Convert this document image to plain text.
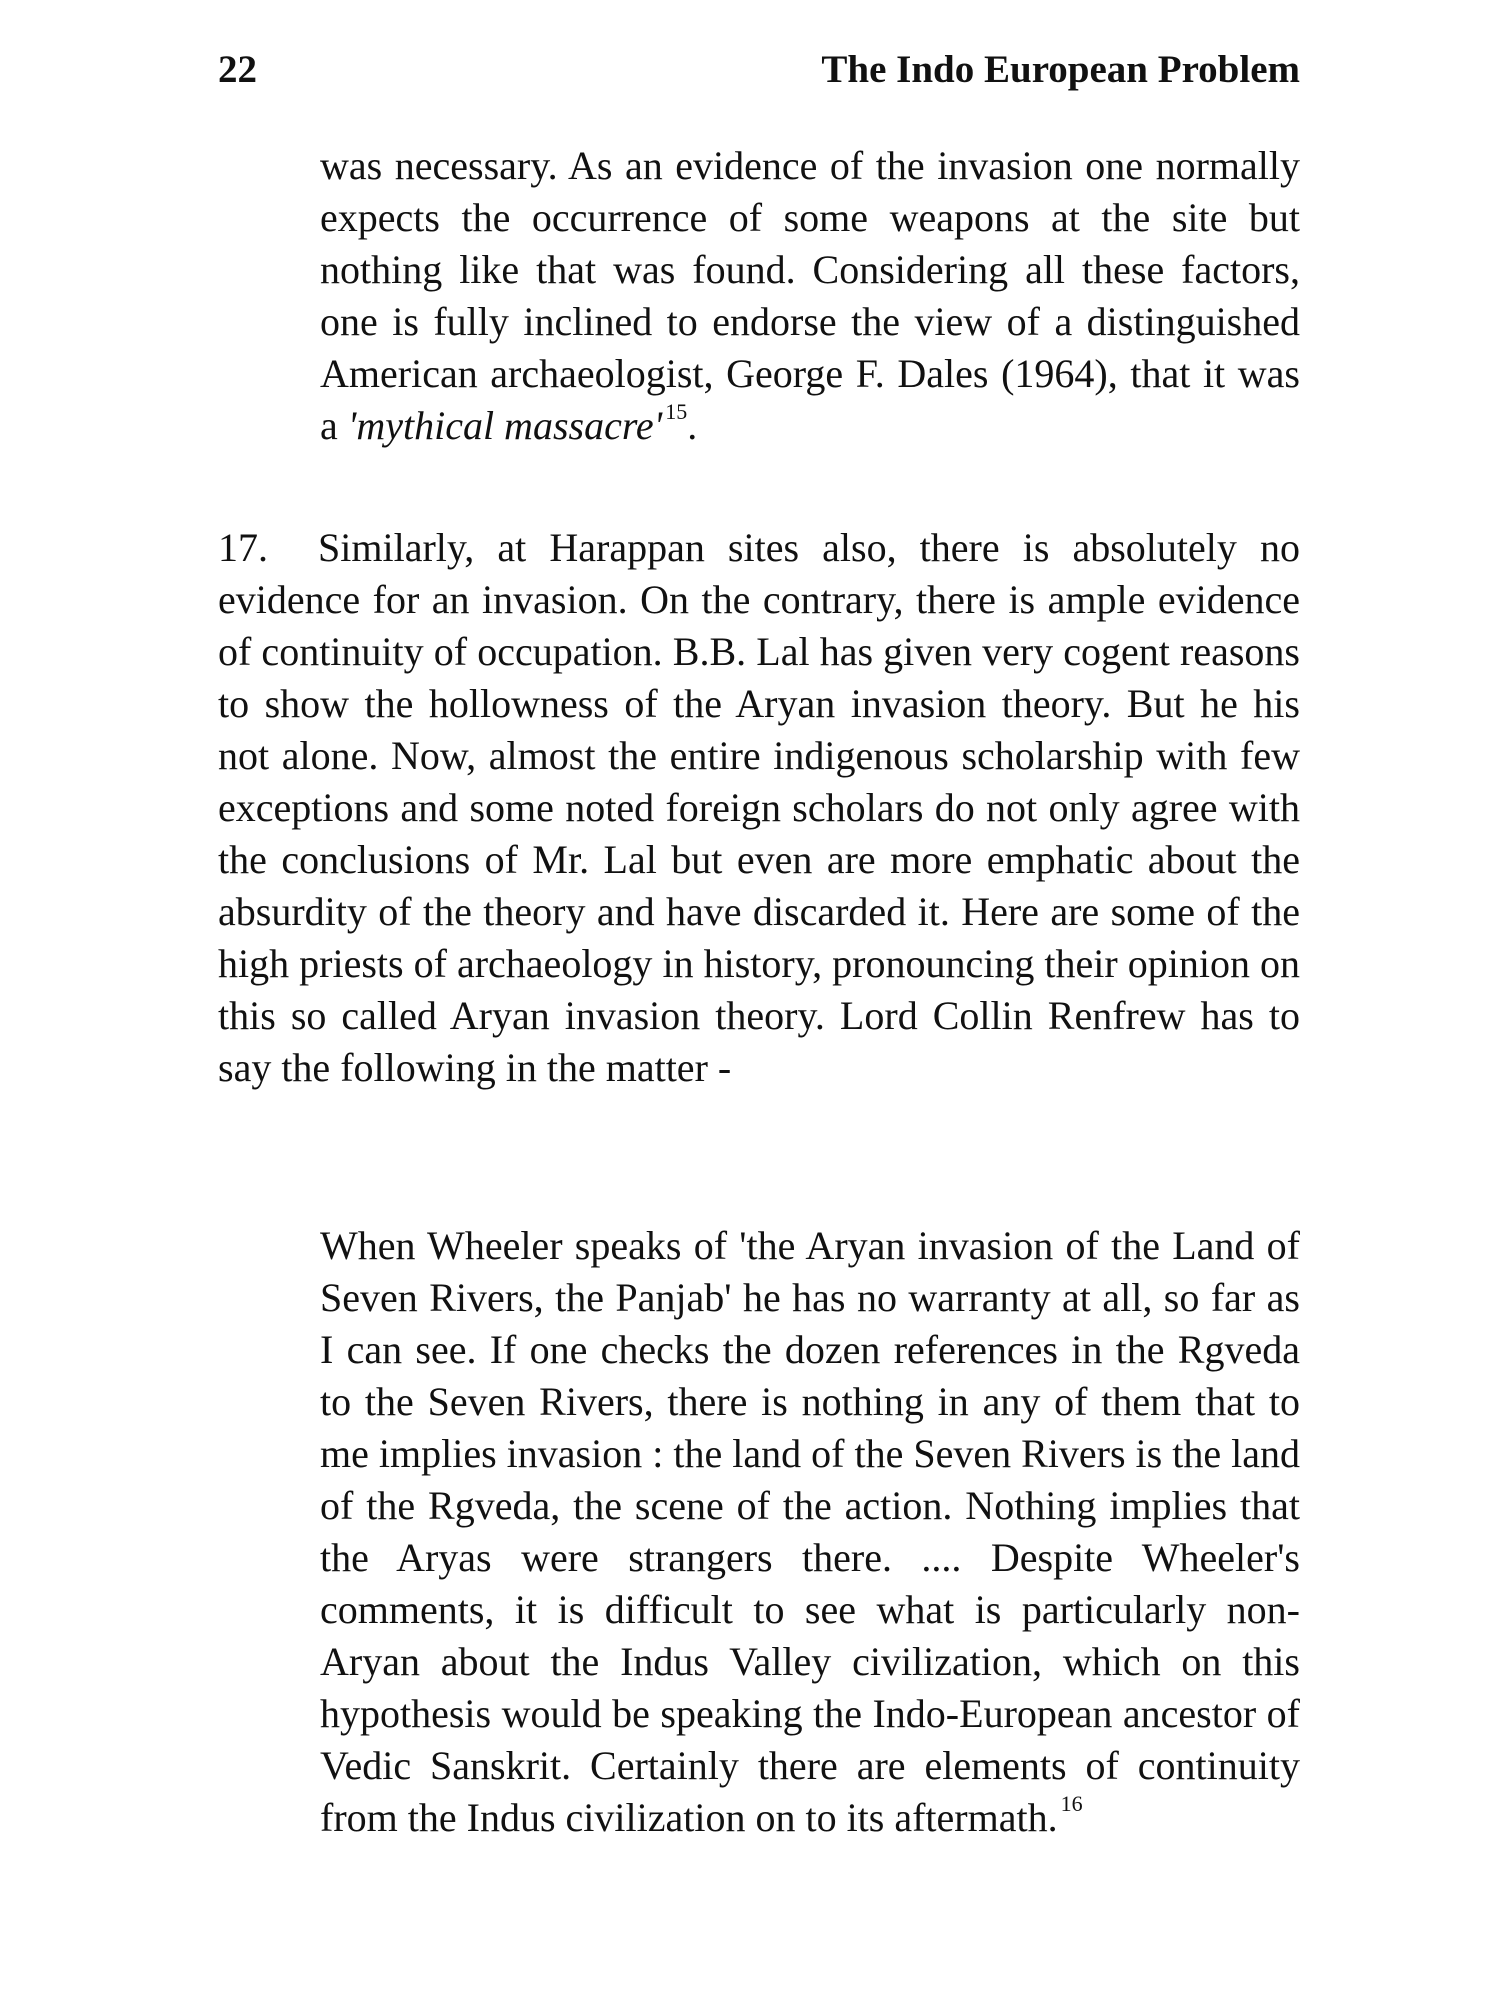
22	The Indo European Problem
was necessary. As an evidence of the invasion one normally expects the occurrence of some weapons at the site but nothing like that was found. Considering all these factors, one is fully inclined to endorse the view of a distinguished American archaeologist, George F. Dales (1964), that it was a 'mythical massacre' $^{15}$.
17. Similarly, at Harappan sites also, there is absolutely no evidence for an invasion. On the contrary, there is ample evidence of continuity of occupation. B.B. Lal has given very cogent reasons to show the hollowness of the Aryan invasion theory. But he his not alone. Now, almost the entire indigenous scholarship with few exceptions and some noted foreign scholars do not only agree with the conclusions of Mr. Lal but even are more emphatic about the absurdity of the theory and have discarded it. Here are some of the high priests of archaeology in history, pronouncing their opinion on this so called Aryan invasion theory. Lord Collin Renfrew has to say the following in the matter -
When Wheeler speaks of 'the Aryan invasion of the Land of Seven Rivers, the Panjab' he has no warranty at all, so far as I can see. If one checks the dozen references in the Rgveda to the Seven Rivers, there is nothing in any of them that to me implies invasion : the land of the Seven Rivers is the land of the Rgveda, the scene of the action. Nothing implies that the Aryas were strangers there. .... Despite Wheeler's comments, it is difficult to see what is particularly non-Aryan about the Indus Valley civilization, which on this hypothesis would be speaking the Indo-European ancestor of Vedic Sanskrit. Certainly there are elements of continuity from the Indus civilization on to its aftermath. $^{16}$
